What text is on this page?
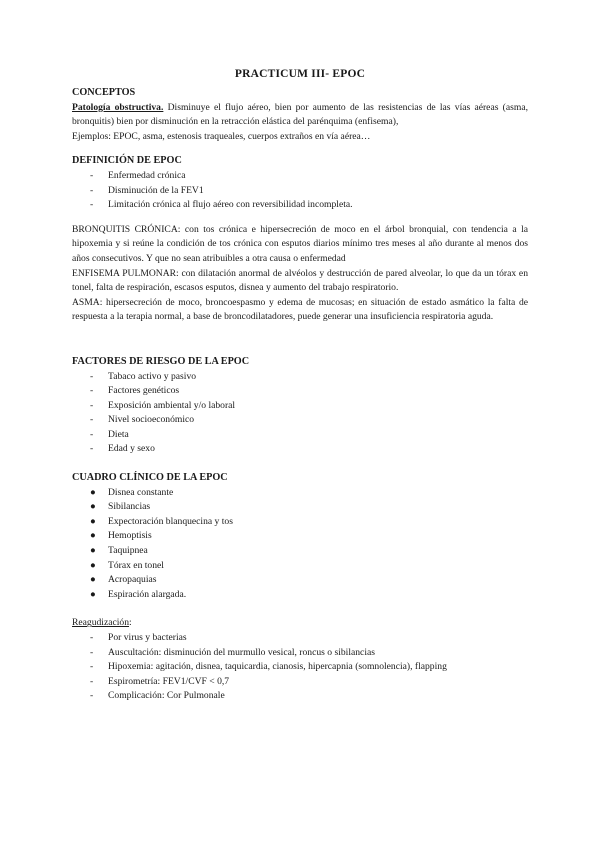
PRACTICUM III- EPOC
CONCEPTOS

Patología obstructiva. Disminuye el flujo aéreo, bien por aumento de las resistencias de las vías aéreas (asma, bronquitis) bien por disminución en la retracción elástica del parénquima (enfisema),

Ejemplos: EPOC, asma, estenosis traqueales, cuerpos extraños en vía aérea…

DEFINICIÓN DE EPOC
- Enfermedad crónica
- Disminución de la FEV1
- Limitación crónica al flujo aéreo con reversibilidad incompleta.

BRONQUITIS CRÓNICA: con tos crónica e hipersecreción de moco en el árbol bronquial, con tendencia a la hipoxemia y si reúne la condición de tos crónica con esputos diarios mínimo tres meses al año durante al menos dos años consecutivos. Y que no sean atribuibles a otra causa o enfermedad

ENFISEMA PULMONAR: con dilatación anormal de alvéolos y destrucción de pared alveolar, lo que da un tórax en tonel, falta de respiración, escasos esputos, disnea y aumento del trabajo respiratorio.

ASMA: hipersecreción de moco, broncoespasmo y edema de mucosas; en situación de estado asmático la falta de respuesta a la terapia normal, a base de broncodilatadores, puede generar una insuficiencia respiratoria aguda.

FACTORES DE RIESGO DE LA EPOC
- Tabaco activo y pasivo
- Factores genéticos
- Exposición ambiental y/o laboral
- Nivel socioeconómico
- Dieta
- Edad y sexo
CUADRO CLÍNICO DE LA EPOC
● Disnea constante
● Sibilancias
● Expectoración blanquecina y tos
● Hemoptisis
● Taquipnea
● Tórax en tonel
● Acropaquias
● Espiración alargada.
Reagudización:
- Por virus y bacterias
- Auscultación: disminución del murmullo vesical, roncus o sibilancias
- Hipoxemia: agitación, disnea, taquicardia, cianosis, hipercapnia (somnolencia), flapping
- Espirometría: FEV1/CVF < 0,7
- Complicación: Cor Pulmonale
